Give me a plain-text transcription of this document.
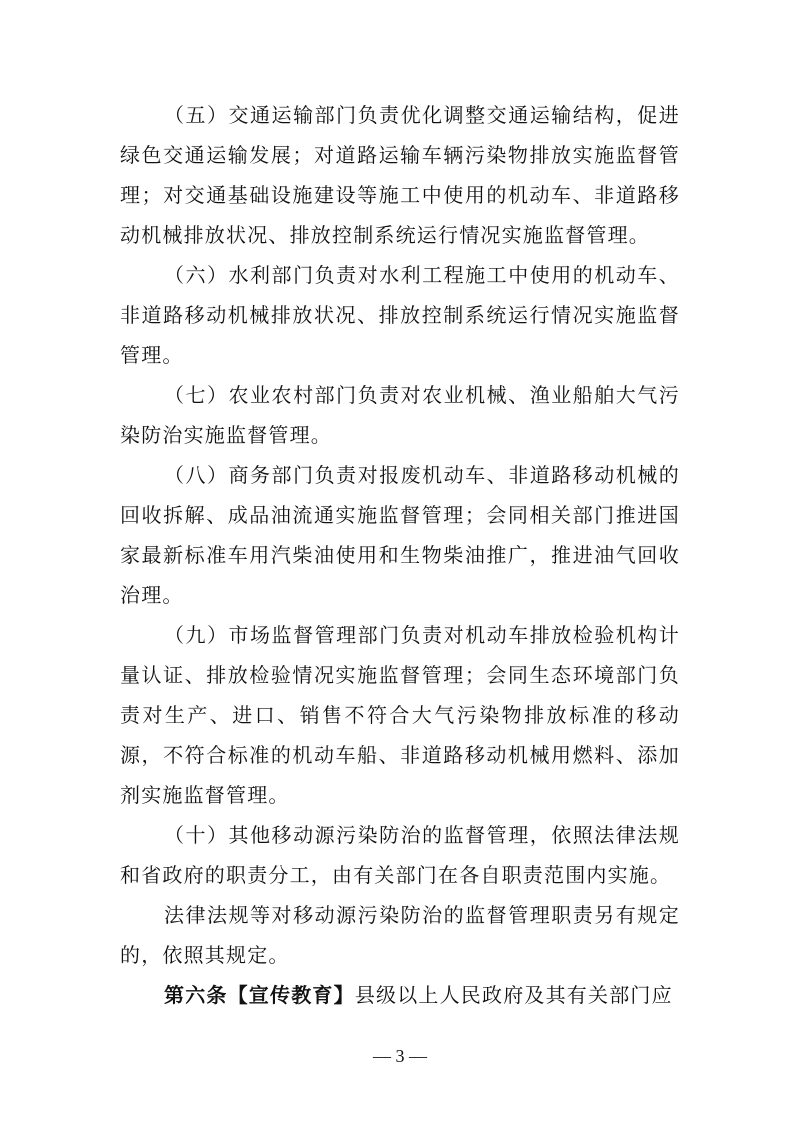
（五）交通运输部门负责优化调整交通运输结构，促进绿色交通运输发展；对道路运输车辆污染物排放实施监督管理；对交通基础设施建设等施工中使用的机动车、非道路移动机械排放状况、排放控制系统运行情况实施监督管理。

（六）水利部门负责对水利工程施工中使用的机动车、非道路移动机械排放状况、排放控制系统运行情况实施监督管理。

（七）农业农村部门负责对农业机械、渔业船舶大气污染防治实施监督管理。

（八）商务部门负责对报废机动车、非道路移动机械的回收拆解、成品油流通实施监督管理；会同相关部门推进国家最新标准车用汽柴油使用和生物柴油推广，推进油气回收治理。

（九）市场监督管理部门负责对机动车排放检验机构计量认证、排放检验情况实施监督管理；会同生态环境部门负责对生产、进口、销售不符合大气污染物排放标准的移动源，不符合标准的机动车船、非道路移动机械用燃料、添加剂实施监督管理。

（十）其他移动源污染防治的监督管理，依照法律法规和省政府的职责分工，由有关部门在各自职责范围内实施。

法律法规等对移动源污染防治的监督管理职责另有规定的，依照其规定。

第六条【宣传教育】县级以上人民政府及其有关部门应

— 3 —
